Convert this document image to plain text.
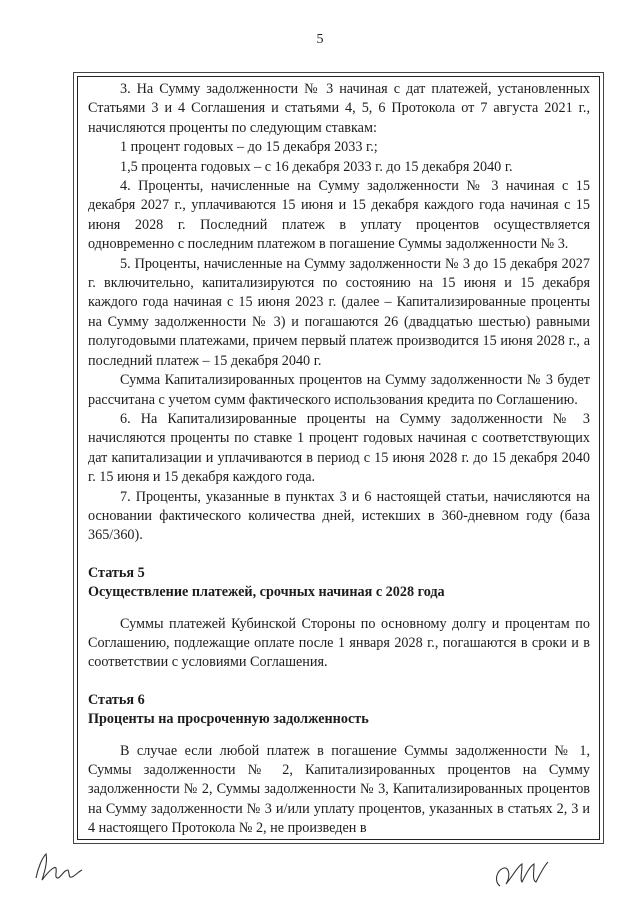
5

3. На Сумму задолженности № 3 начиная с дат платежей, установленных Статьями 3 и 4 Соглашения и статьями 4, 5, 6 Протокола от 7 августа 2021 г., начисляются проценты по следующим ставкам:

1 процент годовых – до 15 декабря 2033 г.;

1,5 процента годовых – с 16 декабря 2033 г. до 15 декабря 2040 г.

4. Проценты, начисленные на Сумму задолженности № 3 начиная с 15 декабря 2027 г., уплачиваются 15 июня и 15 декабря каждого года начиная с 15 июня 2028 г. Последний платеж в уплату процентов осуществляется одновременно с последним платежом в погашение Суммы задолженности № 3.

5. Проценты, начисленные на Сумму задолженности № 3 до 15 декабря 2027 г. включительно, капитализируются по состоянию на 15 июня и 15 декабря каждого года начиная с 15 июня 2023 г. (далее – Капитализированные проценты на Сумму задолженности № 3) и погашаются 26 (двадцатью шестью) равными полугодовыми платежами, причем первый платеж производится 15 июня 2028 г., а последний платеж – 15 декабря 2040 г.

Сумма Капитализированных процентов на Сумму задолженности № 3 будет рассчитана с учетом сумм фактического использования кредита по Соглашению.

6. На Капитализированные проценты на Сумму задолженности № 3 начисляются проценты по ставке 1 процент годовых начиная с соответствующих дат капитализации и уплачиваются в период с 15 июня 2028 г. до 15 декабря 2040 г. 15 июня и 15 декабря каждого года.

7. Проценты, указанные в пунктах 3 и 6 настоящей статьи, начисляются на основании фактического количества дней, истекших в 360-дневном году (база 365/360).

Статья 5

Осуществление платежей, срочных начиная с 2028 года

Суммы платежей Кубинской Стороны по основному долгу и процентам по Соглашению, подлежащие оплате после 1 января 2028 г., погашаются в сроки и в соответствии с условиями Соглашения.

Статья 6

Проценты на просроченную задолженность

В случае если любой платеж в погашение Суммы задолженности № 1, Суммы задолженности № 2, Капитализированных процентов на Сумму задолженности № 2, Суммы задолженности № 3, Капитализированных процентов на Сумму задолженности № 3 и/или уплату процентов, указанных в статьях 2, 3 и 4 настоящего Протокола № 2, не произведен в
